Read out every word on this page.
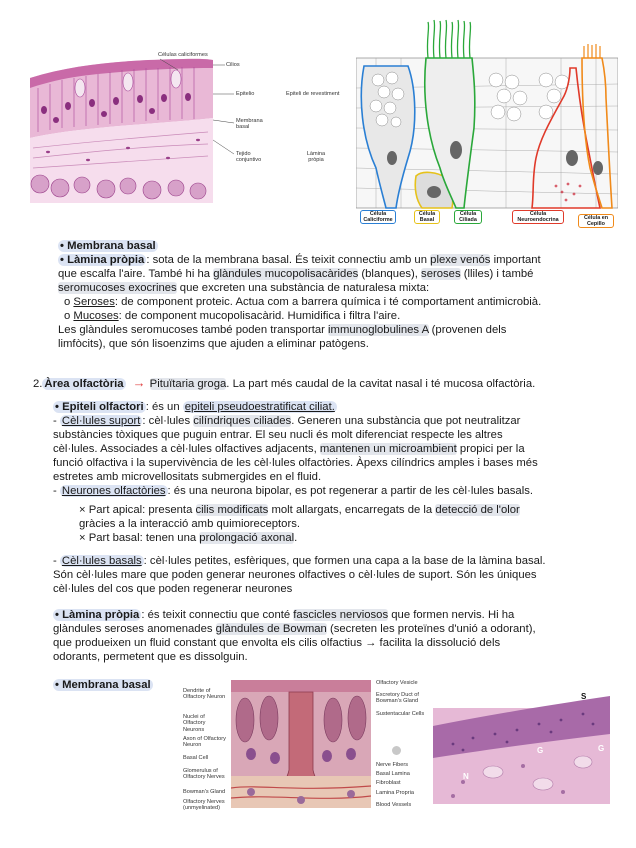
Células caliciformes
Cilios
Epitelio	Epiteli de revestiment
Membrana basal
Tejido conjuntivo
Làmina pròpia
Célula Caliciforme
Célula Basal
Célula Ciliada
Célula Neuroendocrina	Célula en Cepillo
• Membrana basal
• Làmina pròpia : sota de la membrana basal. És teixit connectiu amb un plexe venós important
que escalfa l'aire. També hi ha glàndules mucopolisacàrides (blanques), seroses (lliles) i també
seromucoses exocrines que excreten una substància de naturalesa mixta:
o Seroses: de component proteic. Actua com a barrera química i té comportament antimicrobià.
o Mucoses: de component mucopolisacàrid. Humidifica i filtra l'aire.
Les glàndules seromucoses també poden transportar immunoglobulines A (provenen dels
limfòcits), que són lisoenzims que ajuden a eliminar patògens.
2. Àrea olfactòria → Pituïtaria groga. La part més caudal de la cavitat nasal i té mucosa olfactòria.
• Epiteli olfactori : és un epiteli pseudoestratificat ciliat.
- Cèl·lules suport : cèl·lules cilíndriques ciliades. Generen una substància que pot neutralitzar
substàncies tòxiques que puguin entrar. El seu nucli és molt diferenciat respecte les altres
cèl·lules. Associades a cèl·lules olfactives adjacents, mantenen un microambient propici per la
funció olfactiva i la supervivència de les cèl·lules olfactòries. Àpexs cilíndrics amples i bases més
estretes amb microvellositats submergides en el fluid.
- Neurones olfactòries : és una neurona bipolar, es pot regenerar a partir de les cèl·lules basals.
× Part apical: presenta cilis modificats molt allargats, encarregats de la detecció de l'olor
gràcies a la interacció amb quimioreceptors.
× Part basal: tenen una prolongació axonal.
- Cèl·lules basals : cèl·lules petites, esfèriques, que formen una capa a la base de la làmina basal.
Són cèl·lules mare que poden generar neurones olfactives o cèl·lules de suport. Són les úniques
cèl·lules del cos que poden regenerar neurones
• Làmina pròpia : és teixit connectiu que conté fascicles nerviosos que formen nervis. Hi ha
glàndules seroses anomenades glàndules de Bowman (secreten les proteïnes d'unió a odorant),
que produeixen un fluid constant que envolta els cilis olfactius → facilita la dissolució dels
odorants, permetent que es dissolguin.
• Membrana basal	Dendrite of Olfactory Neuron
Nuclei of Olfactory Neurons
Axon of Olfactory Neuron
Basal Cell
Glomerulus of Olfactory Nerves
Bowman's Gland
Olfactory Nerves (unmyelinated)
Olfactory Vesicle
Excretory Duct of Bowman's Gland
Sustentacular Cells
Nerve Fibers
Basal Lamina
Fibroblast
Lamina Propria
Blood Vessels
S
G	G
N
